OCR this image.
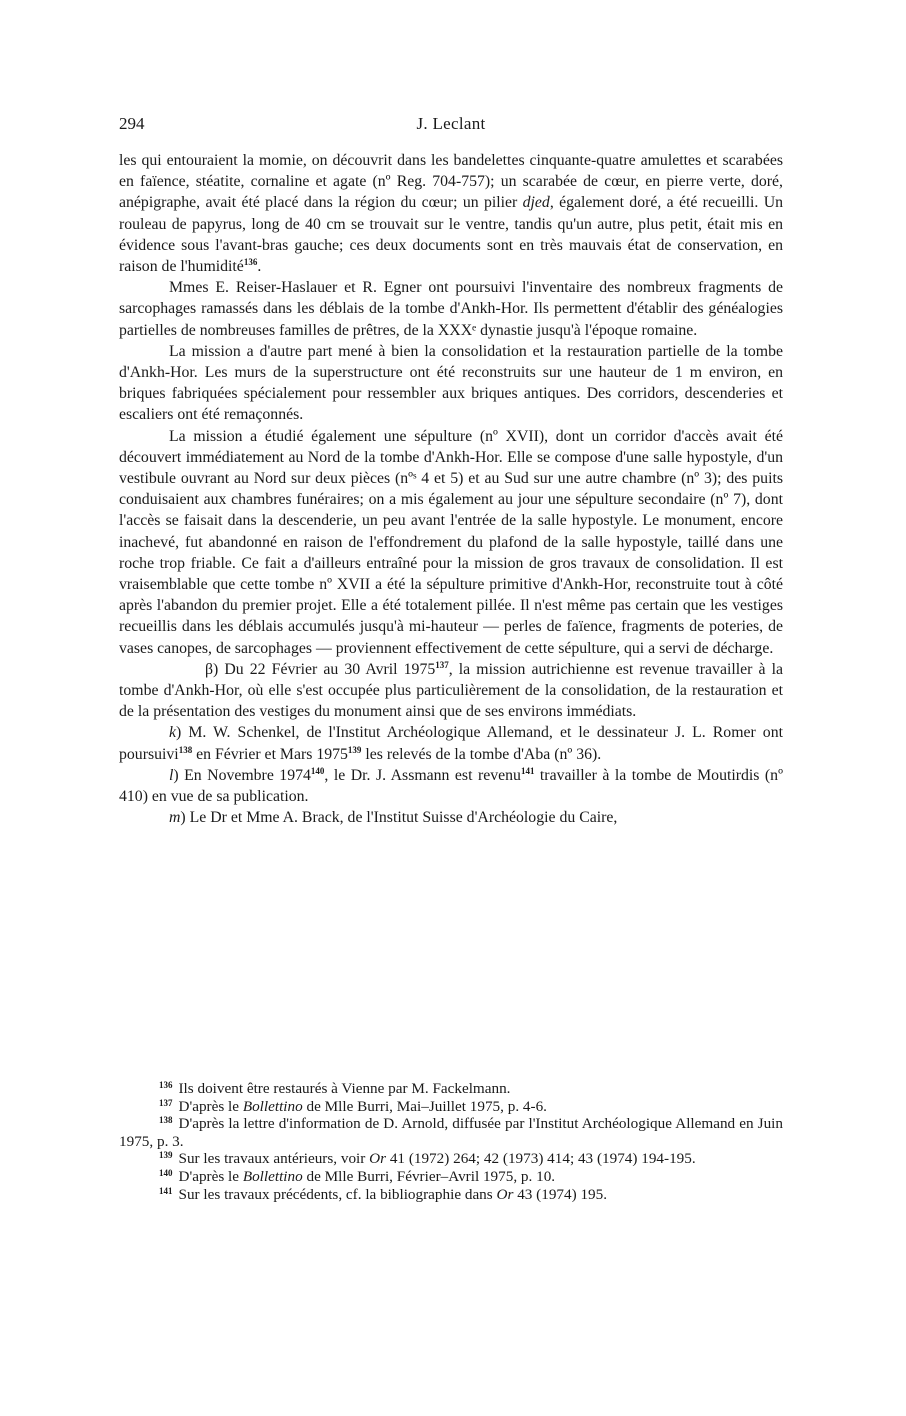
294	J. Leclant

les qui entouraient la momie, on découvrit dans les bandelettes cinquante-quatre amulettes et scarabées en faïence, stéatite, cornaline et agate (nº Reg. 704-757); un scarabée de cœur, en pierre verte, doré, anépigraphe, avait été placé dans la région du cœur; un pilier djed, également doré, a été recueilli. Un rouleau de papyrus, long de 40 cm se trouvait sur le ventre, tandis qu'un autre, plus petit, était mis en évidence sous l'avant-bras gauche; ces deux documents sont en très mauvais état de conservation, en raison de l'humidité$^{136}$.

Mmes E. Reiser-Haslauer et R. Egner ont poursuivi l'inventaire des nombreux fragments de sarcophages ramassés dans les déblais de la tombe d'Ankh-Hor. Ils permettent d'établir des généalogies partielles de nombreuses familles de prêtres, de la XXXᵉ dynastie jusqu'à l'époque romaine.

La mission a d'autre part mené à bien la consolidation et la restauration partielle de la tombe d'Ankh-Hor. Les murs de la superstructure ont été reconstruits sur une hauteur de 1 m environ, en briques fabriquées spécialement pour ressembler aux briques antiques. Des corridors, descenderies et escaliers ont été remaçonnés.

La mission a étudié également une sépulture (nº XVII), dont un corridor d'accès avait été découvert immédiatement au Nord de la tombe d'Ankh-Hor. Elle se compose d'une salle hypostyle, d'un vestibule ouvrant au Nord sur deux pièces (nºˢ 4 et 5) et au Sud sur une autre chambre (nº 3); des puits conduisaient aux chambres funéraires; on a mis également au jour une sépulture secondaire (nº 7), dont l'accès se faisait dans la descenderie, un peu avant l'entrée de la salle hypostyle. Le monument, encore inachevé, fut abandonné en raison de l'effondrement du plafond de la salle hypostyle, taillé dans une roche trop friable. Ce fait a d'ailleurs entraîné pour la mission de gros travaux de consolidation. Il est vraisemblable que cette tombe nº XVII a été la sépulture primitive d'Ankh-Hor, reconstruite tout à côté après l'abandon du premier projet. Elle a été totalement pillée. Il n'est même pas certain que les vestiges recueillis dans les déblais accumulés jusqu'à mi-hauteur — perles de faïence, fragments de poteries, de vases canopes, de sarcophages — proviennent effectivement de cette sépulture, qui a servi de décharge.

β) Du 22 Février au 30 Avril 1975$^{137}$, la mission autrichienne est revenue travailler à la tombe d'Ankh-Hor, où elle s'est occupée plus particulièrement de la consolidation, de la restauration et de la présentation des vestiges du monument ainsi que de ses environs immédiats.

k) M. W. Schenkel, de l'Institut Archéologique Allemand, et le dessinateur J. L. Romer ont poursuivi$^{138}$ en Février et Mars 1975$^{139}$ les relevés de la tombe d'Aba (nº 36).

l) En Novembre 1974$^{140}$, le Dr. J. Assmann est revenu$^{141}$ travailler à la tombe de Moutirdis (nº 410) en vue de sa publication.

m) Le Dr et Mme A. Brack, de l'Institut Suisse d'Archéologie du Caire,

$^{136}$ Ils doivent être restaurés à Vienne par M. Fackelmann.

$^{137}$ D'après le Bollettino de Mlle Burri, Mai–Juillet 1975, p. 4-6.

$^{138}$ D'après la lettre d'information de D. Arnold, diffusée par l'Institut Archéologique Allemand en Juin 1975, p. 3.

$^{139}$ Sur les travaux antérieurs, voir Or 41 (1972) 264; 42 (1973) 414; 43 (1974) 194-195.

$^{140}$ D'après le Bollettino de Mlle Burri, Février–Avril 1975, p. 10.

$^{141}$ Sur les travaux précédents, cf. la bibliographie dans Or 43 (1974) 195.
